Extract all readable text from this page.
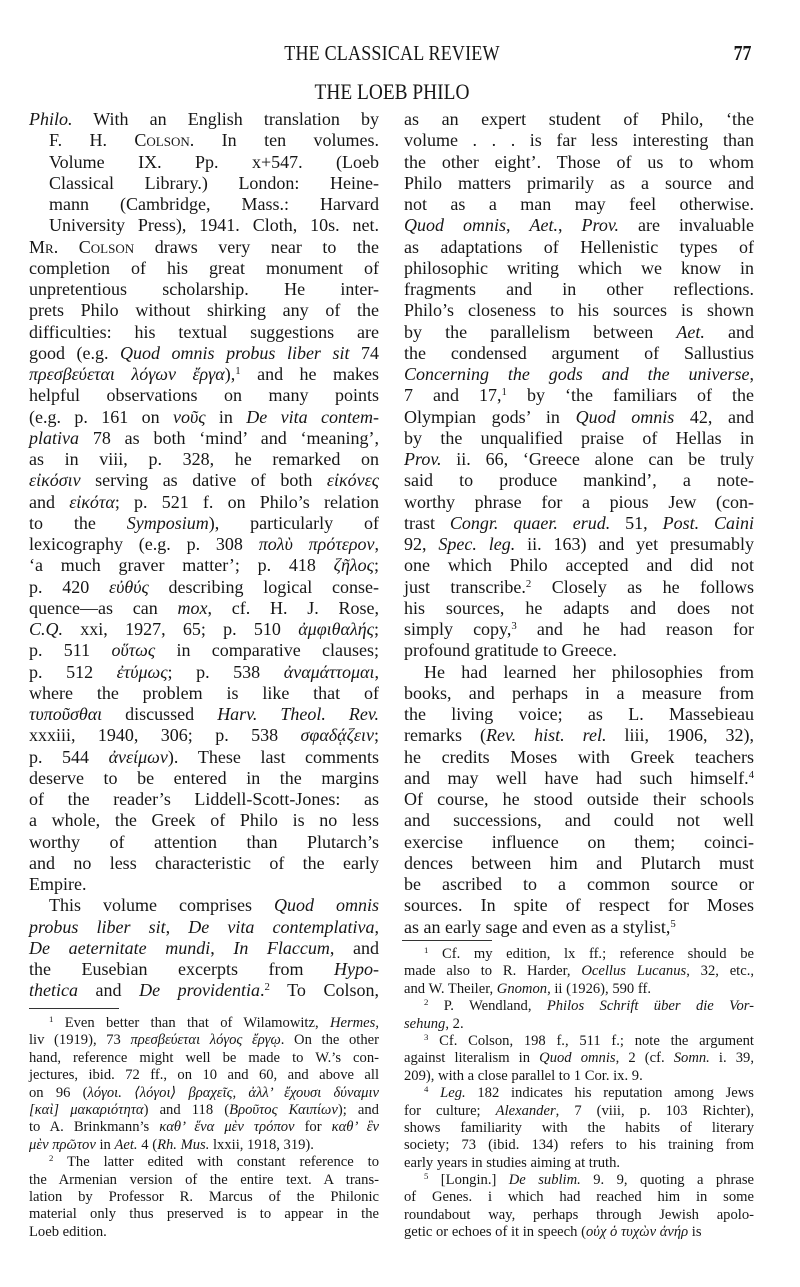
THE CLASSICAL REVIEW	77
THE LOEB PHILO
Philo. With an English translation by
F. H. Colson. In ten volumes.
Volume IX. Pp. x+547. (Loeb
Classical Library.) London: Heine-
mann (Cambridge, Mass.: Harvard
University Press), 1941. Cloth, 10s. net.
Mr. Colson draws very near to the
completion of his great monument of
unpretentious scholarship. He inter-
prets Philo without shirking any of the
difficulties: his textual suggestions are
good (e.g. Quod omnis probus liber sit 74
πρεσβεύεται λόγων ἔργα),$^1$ and he makes
helpful observations on many points
(e.g. p. 161 on νοῦς in De vita contem-
plativa 78 as both ‘mind’ and ‘meaning’,
as in viii, p. 328, he remarked on
εἰκόσιν serving as dative of both εἰκόνες
and εἰκότα; p. 521 f. on Philo’s relation
to the Symposium), particularly of
lexicography (e.g. p. 308 πολὺ πρότερον,
‘a much graver matter’; p. 418 ζῆλος;
p. 420 εὐθύς describing logical conse-
quence—as can mox, cf. H. J. Rose,
C.Q. xxi, 1927, 65; p. 510 ἀμφιθαλής;
p. 511 οὕτως in comparative clauses;
p. 512 ἐτύμως; p. 538 ἀναμάττομαι,
where the problem is like that of
τυποῦσθαι discussed Harv. Theol. Rev.
xxxiii, 1940, 306; p. 538 σφαδᾴζειν;
p. 544 ἀνείμων). These last comments
deserve to be entered in the margins
of the reader’s Liddell-Scott-Jones: as
a whole, the Greek of Philo is no less
worthy of attention than Plutarch’s
and no less characteristic of the early
Empire.
This volume comprises Quod omnis
probus liber sit, De vita contemplativa,
De aeternitate mundi, In Flaccum, and
the Eusebian excerpts from Hypo-
thetica and De providentia.$^2$ To Colson,
as an expert student of Philo, ‘the
volume . . . is far less interesting than
the other eight’. Those of us to whom
Philo matters primarily as a source and
not as a man may feel otherwise.
Quod omnis, Aet., Prov. are invaluable
as adaptations of Hellenistic types of
philosophic writing which we know in
fragments and in other reflections.
Philo’s closeness to his sources is shown
by the parallelism between Aet. and
the condensed argument of Sallustius
Concerning the gods and the universe,
7 and 17,$^1$ by ‘the familiars of the
Olympian gods’ in Quod omnis 42, and
by the unqualified praise of Hellas in
Prov. ii. 66, ‘Greece alone can be truly
said to produce mankind’, a note-
worthy phrase for a pious Jew (con-
trast Congr. quaer. erud. 51, Post. Caini
92, Spec. leg. ii. 163) and yet presumably
one which Philo accepted and did not
just transcribe.$^2$ Closely as he follows
his sources, he adapts and does not
simply copy,$^3$ and he had reason for
profound gratitude to Greece.
He had learned her philosophies from
books, and perhaps in a measure from
the living voice; as L. Massebieau
remarks (Rev. hist. rel. liii, 1906, 32),
he credits Moses with Greek teachers
and may well have had such himself.$^4$
Of course, he stood outside their schools
and successions, and could not well
exercise influence on them; coinci-
dences between him and Plutarch must
be ascribed to a common source or
sources. In spite of respect for Moses
as an early sage and even as a stylist,$^5$
$^1$ Even better than that of Wilamowitz, Hermes,
liv (1919), 73 πρεσβεύεται λόγος ἔργῳ. On the other
hand, reference might well be made to W.’s con-
jectures, ibid. 72 ff., on 10 and 60, and above all
on 96 (λόγοι. ⟨λόγοι⟩ βραχεῖς, ἀλλ’ ἔχουσι δύναμιν
[καὶ] μακαριότητα) and 118 (Βροῦτος Καιπίων); and
to A. Brinkmann’s καθ’ ἕνα μὲν τρόπον for καθ’ ἓν
μὲν πρῶτον in Aet. 4 (Rh. Mus. lxxii, 1918, 319).
$^2$ The latter edited with constant reference to
the Armenian version of the entire text. A trans-
lation by Professor R. Marcus of the Philonic
material only thus preserved is to appear in the
Loeb edition.
$^1$ Cf. my edition, lx ff.; reference should be
made also to R. Harder, Ocellus Lucanus, 32, etc.,
and W. Theiler, Gnomon, ii (1926), 590 ff.
$^2$ P. Wendland, Philos Schrift über die Vor-
sehung, 2.
$^3$ Cf. Colson, 198 f., 511 f.; note the argument
against literalism in Quod omnis, 2 (cf. Somn. i. 39,
209), with a close parallel to 1 Cor. ix. 9.
$^4$ Leg. 182 indicates his reputation among Jews
for culture; Alexander, 7 (viii, p. 103 Richter),
shows familiarity with the habits of literary
society; 73 (ibid. 134) refers to his training from
early years in studies aiming at truth.
$^5$ [Longin.] De sublim. 9. 9, quoting a phrase
of Genes. i which had reached him in some
roundabout way, perhaps through Jewish apolo-
getic or echoes of it in speech (οὐχ ὁ τυχὼν ἀνήρ is
